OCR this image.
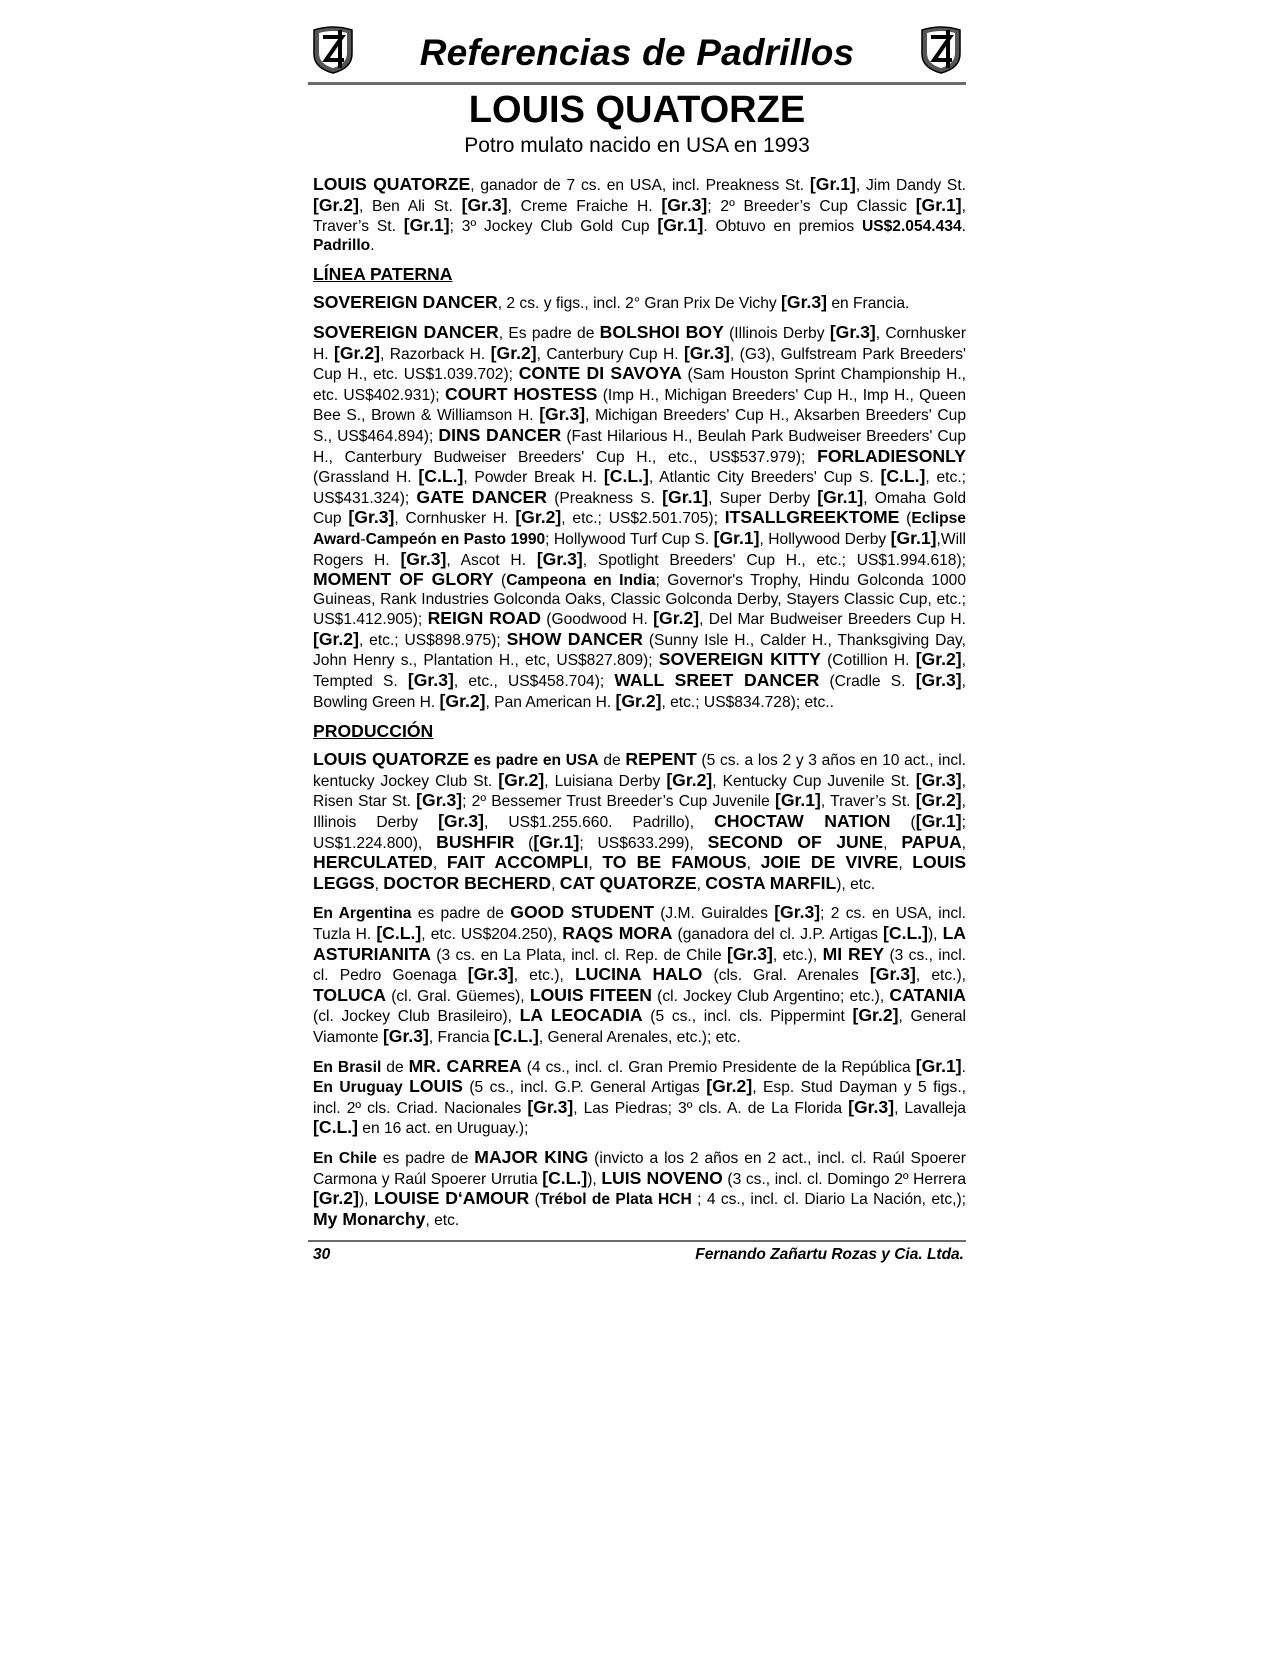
Referencias de Padrillos
LOUIS QUATORZE
Potro mulato nacido en USA en 1993

LOUIS QUATORZE, ganador de 7 cs. en USA, incl. Preakness St. [Gr.1], Jim Dandy St. [Gr.2], Ben Ali St. [Gr.3], Creme Fraiche H. [Gr.3]; 2º Breeder’s Cup Classic [Gr.1], Traver’s St. [Gr.1]; 3º Jockey Club Gold Cup [Gr.1]. Obtuvo en premios US$2.054.434. Padrillo.

LÍNEA PATERNA

SOVEREIGN DANCER, 2 cs. y figs., incl. 2° Gran Prix De Vichy [Gr.3] en Francia.

SOVEREIGN DANCER, Es padre de BOLSHOI BOY (Illinois Derby [Gr.3], Cornhusker H. [Gr.2], Razorback H. [Gr.2], Canterbury Cup H. [Gr.3], (G3), Gulfstream Park Breeders' Cup H., etc. US$1.039.702); CONTE DI SAVOYA (Sam Houston Sprint Championship H., etc. US$402.931); COURT HOSTESS (Imp H., Michigan Breeders' Cup H., Imp H., Queen Bee S., Brown & Williamson H. [Gr.3], Michigan Breeders' Cup H., Aksarben Breeders' Cup S., US$464.894); DINS DANCER (Fast Hilarious H., Beulah Park Budweiser Breeders' Cup H., Canterbury Budweiser Breeders' Cup H., etc., US$537.979); FORLADIESONLY (Grassland H. [C.L.], Powder Break H. [C.L.], Atlantic City Breeders' Cup S. [C.L.], etc.; US$431.324); GATE DANCER (Preakness S. [Gr.1], Super Derby [Gr.1], Omaha Gold Cup [Gr.3], Cornhusker H. [Gr.2], etc.; US$2.501.705); ITSALLGREEKTOME (Eclipse Award-Campeón en Pasto 1990; Hollywood Turf Cup S. [Gr.1], Hollywood Derby [Gr.1],Will Rogers H. [Gr.3], Ascot H. [Gr.3], Spotlight Breeders' Cup H., etc.; US$1.994.618); MOMENT OF GLORY (Campeona en India; Governor's Trophy, Hindu Golconda 1000 Guineas, Rank Industries Golconda Oaks, Classic Golconda Derby, Stayers Classic Cup, etc.; US$1.412.905); REIGN ROAD (Goodwood H. [Gr.2], Del Mar Budweiser Breeders Cup H. [Gr.2], etc.; US$898.975); SHOW DANCER (Sunny Isle H., Calder H., Thanksgiving Day, John Henry s., Plantation H., etc, US$827.809); SOVEREIGN KITTY (Cotillion H. [Gr.2], Tempted S. [Gr.3], etc., US$458.704); WALL SREET DANCER (Cradle S. [Gr.3], Bowling Green H. [Gr.2], Pan American H. [Gr.2], etc.; US$834.728); etc..

PRODUCCIÓN

LOUIS QUATORZE es padre en USA de REPENT (5 cs. a los 2 y 3 años en 10 act., incl. kentucky Jockey Club St. [Gr.2], Luisiana Derby [Gr.2], Kentucky Cup Juvenile St. [Gr.3], Risen Star St. [Gr.3]; 2º Bessemer Trust Breeder’s Cup Juvenile [Gr.1], Traver’s St. [Gr.2], Illinois Derby [Gr.3], US$1.255.660. Padrillo), CHOCTAW NATION ([Gr.1]; US$1.224.800), BUSHFIR ([Gr.1]; US$633.299), SECOND OF JUNE, PAPUA, HERCULATED, FAIT ACCOMPLI, TO BE FAMOUS, JOIE DE VIVRE, LOUIS LEGGS, DOCTOR BECHERD, CAT QUATORZE, COSTA MARFIL), etc.

En Argentina es padre de GOOD STUDENT (J.M. Guiraldes [Gr.3]; 2 cs. en USA, incl. Tuzla H. [C.L.], etc. US$204.250), RAQS MORA (ganadora del cl. J.P. Artigas [C.L.]), LA ASTURIANITA (3 cs. en La Plata, incl. cl. Rep. de Chile [Gr.3], etc.), MI REY (3 cs., incl. cl. Pedro Goenaga [Gr.3], etc.), LUCINA HALO (cls. Gral. Arenales [Gr.3], etc.), TOLUCA (cl. Gral. Güemes), LOUIS FITEEN (cl. Jockey Club Argentino; etc.), CATANIA (cl. Jockey Club Brasileiro), LA LEOCADIA (5 cs., incl. cls. Pippermint [Gr.2], General Viamonte [Gr.3], Francia [C.L.], General Arenales, etc.); etc.

En Brasil de MR. CARREA (4 cs., incl. cl. Gran Premio Presidente de la República [Gr.1]. En Uruguay LOUIS (5 cs., incl. G.P. General Artigas [Gr.2], Esp. Stud Dayman y 5 figs., incl. 2º cls. Criad. Nacionales [Gr.3], Las Piedras; 3º cls. A. de La Florida [Gr.3], Lavalleja [C.L.] en 16 act. en Uruguay.);

En Chile es padre de MAJOR KING (invicto a los 2 años en 2 act., incl. cl. Raúl Spoerer Carmona y Raúl Spoerer Urrutia [C.L.]), LUIS NOVENO (3 cs., incl. cl. Domingo 2º Herrera [Gr.2]), LOUISE D‘AMOUR (Trébol de Plata HCH ; 4 cs., incl. cl. Diario La Nación, etc,); My Monarchy, etc.

30	Fernando Zañartu Rozas y Cia. Ltda.
